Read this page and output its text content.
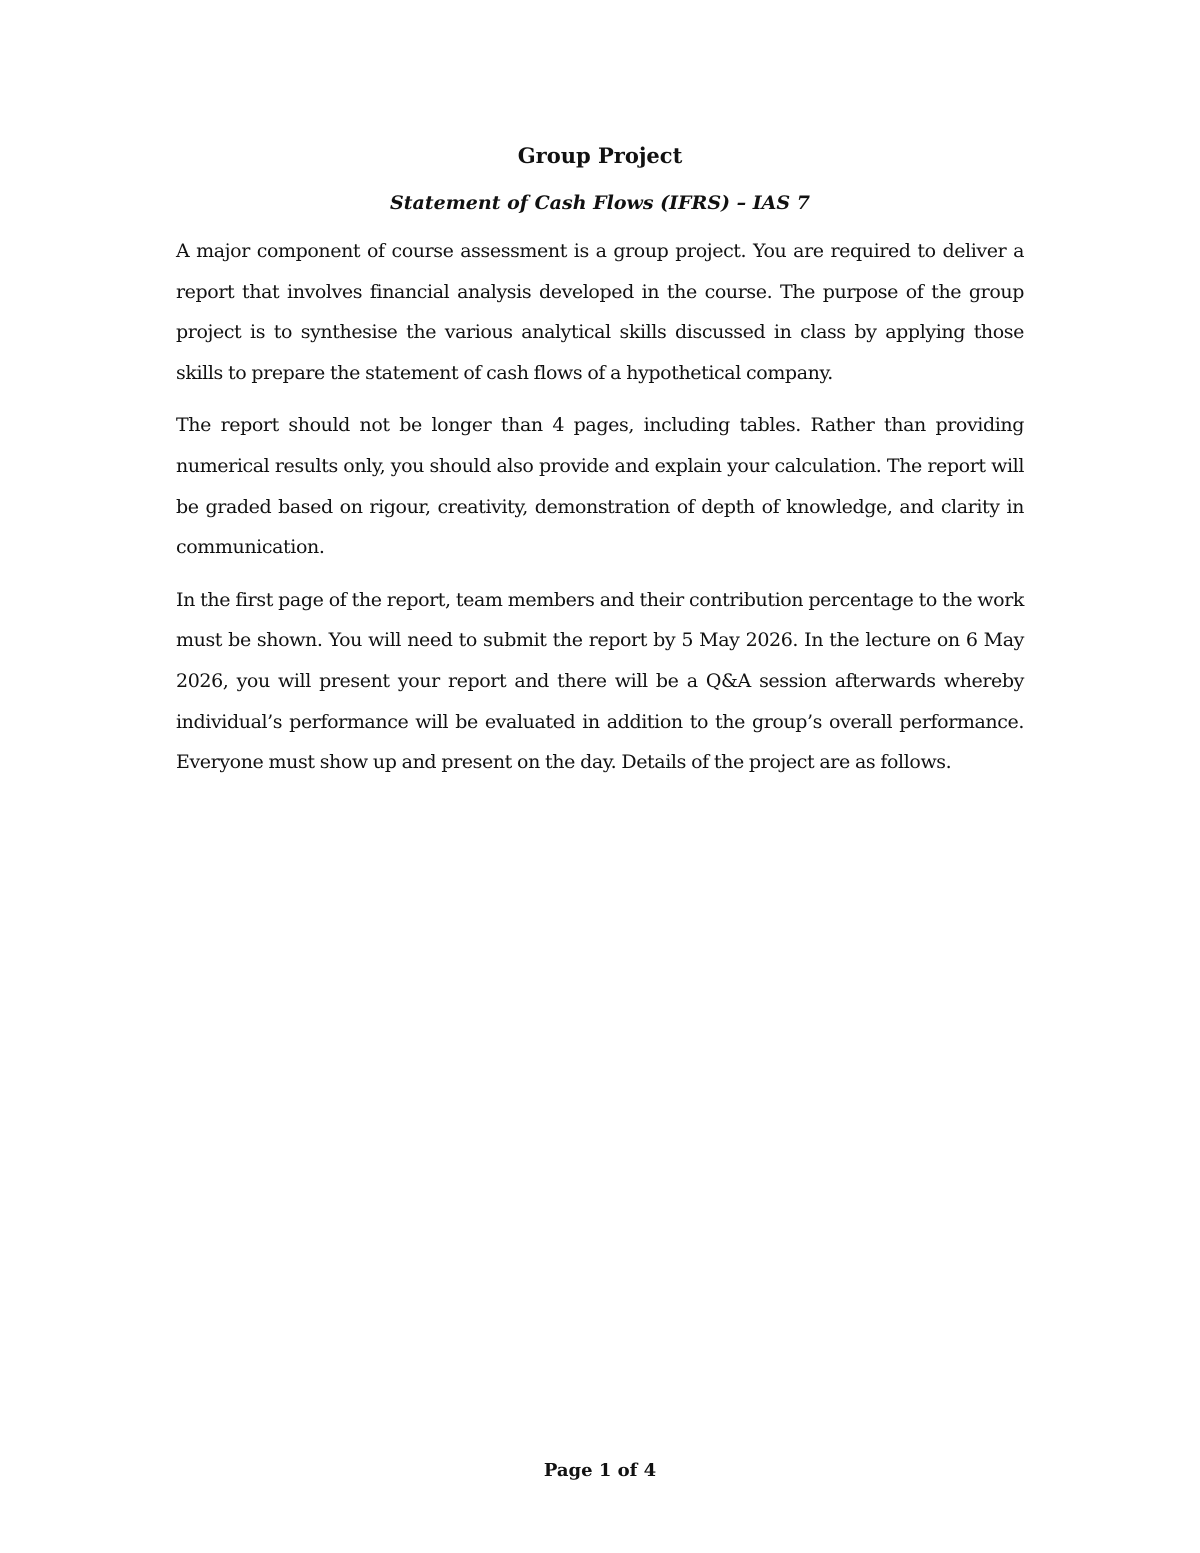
Group Project
Statement of Cash Flows (IFRS) – IAS 7

A major component of course assessment is a group project. You are required to deliver a report that involves financial analysis developed in the course. The purpose of the group project is to synthesise the various analytical skills discussed in class by applying those skills to prepare the statement of cash flows of a hypothetical company.

The report should not be longer than 4 pages, including tables. Rather than providing numerical results only, you should also provide and explain your calculation. The report will be graded based on rigour, creativity, demonstration of depth of knowledge, and clarity in communication.

In the first page of the report, team members and their contribution percentage to the work must be shown. You will need to submit the report by 5 May 2026. In the lecture on 6 May 2026, you will present your report and there will be a Q&A session afterwards whereby individual’s performance will be evaluated in addition to the group’s overall performance. Everyone must show up and present on the day. Details of the project are as follows.

Page 1 of 4
